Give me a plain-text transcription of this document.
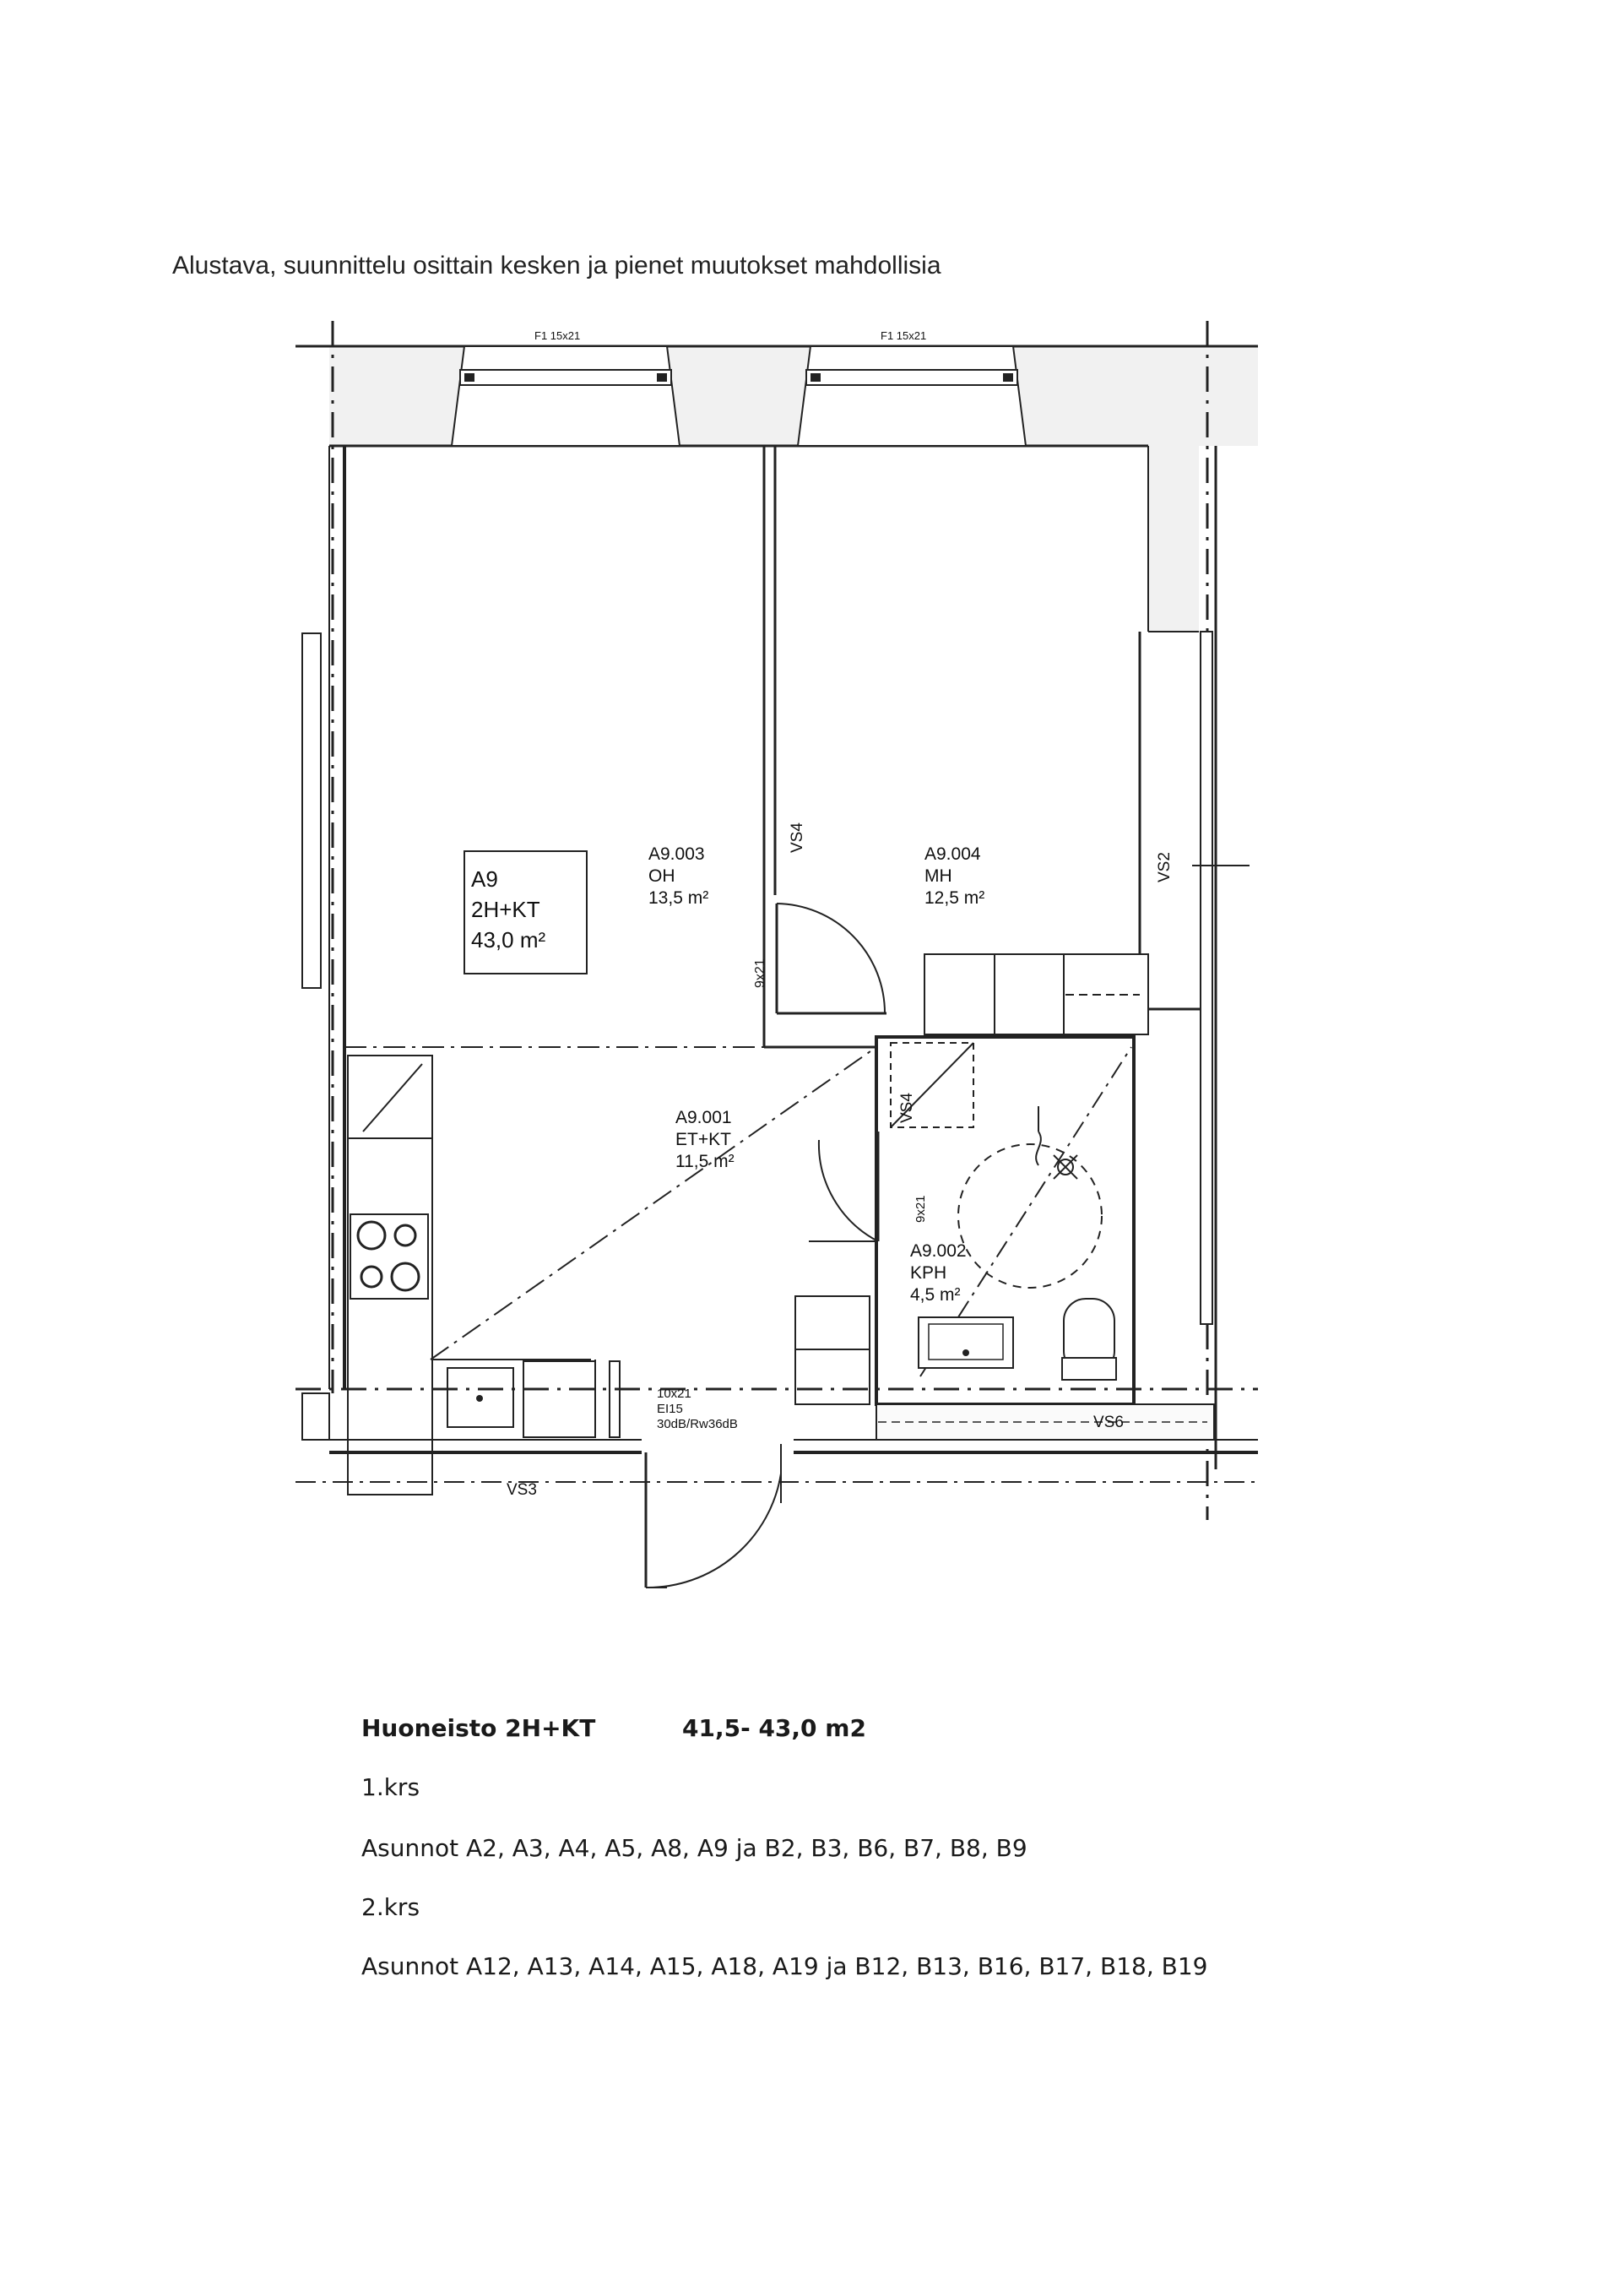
Alustava, suunnittelu osittain kesken ja pienet muutokset mahdollisia
F1 15x21	F1 15x21
A9
2H+KT
43,0 m²
A9.003
OH
13,5 m²
A9.004
MH
12,5 m²
A9.001
ET+KT
11,5 m²
A9.002
KPH
4,5 m²
VS4
VS2
9x21
VS4
9x21
VS6
VS3
10x21
EI15
30dB/Rw36dB
Huoneisto 2H+KT	41,5- 43,0 m2
1.krs
Asunnot A2, A3, A4, A5, A8, A9 ja B2, B3, B6, B7, B8, B9
2.krs
Asunnot A12, A13, A14, A15, A18, A19 ja B12, B13, B16, B17, B18, B19
